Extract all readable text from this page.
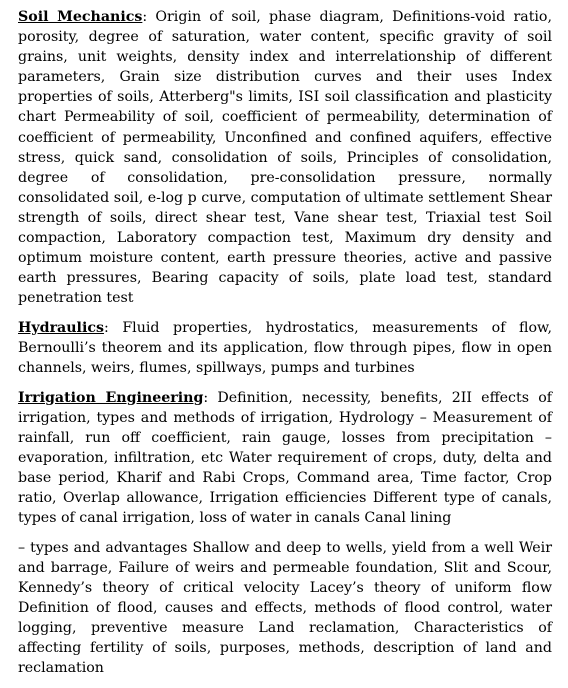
Soil Mechanics: Origin of soil, phase diagram, Definitions-void ratio, porosity, degree of saturation, water content, specific gravity of soil grains, unit weights, density index and interrelationship of different parameters, Grain size distribution curves and their uses Index properties of soils, Atterberg"s limits, ISI soil classification and plasticity chart Permeability of soil, coefficient of permeability, determination of coefficient of permeability, Unconfined and confined aquifers, effective stress, quick sand, consolidation of soils, Principles of consolidation, degree of consolidation, pre-consolidation pressure, normally consolidated soil, e-log p curve, computation of ultimate settlement Shear strength of soils, direct shear test, Vane shear test, Triaxial test Soil compaction, Laboratory compaction test, Maximum dry density and optimum moisture content, earth pressure theories, active and passive earth pressures, Bearing capacity of soils, plate load test, standard penetration test

Hydraulics: Fluid properties, hydrostatics, measurements of flow, Bernoulli’s theorem and its application, flow through pipes, flow in open channels, weirs, flumes, spillways, pumps and turbines

Irrigation Engineering: Definition, necessity, benefits, 2II effects of irrigation, types and methods of irrigation, Hydrology – Measurement of rainfall, run off coefficient, rain gauge, losses from precipitation – evaporation, infiltration, etc Water requirement of crops, duty, delta and base period, Kharif and Rabi Crops, Command area, Time factor, Crop ratio, Overlap allowance, Irrigation efficiencies Different type of canals, types of canal irrigation, loss of water in canals Canal lining

– types and advantages Shallow and deep to wells, yield from a well Weir and barrage, Failure of weirs and permeable foundation, Slit and Scour, Kennedy’s theory of critical velocity Lacey’s theory of uniform flow Definition of flood, causes and effects, methods of flood control, water logging, preventive measure Land reclamation, Characteristics of affecting fertility of soils, purposes, methods, description of land and reclamation
